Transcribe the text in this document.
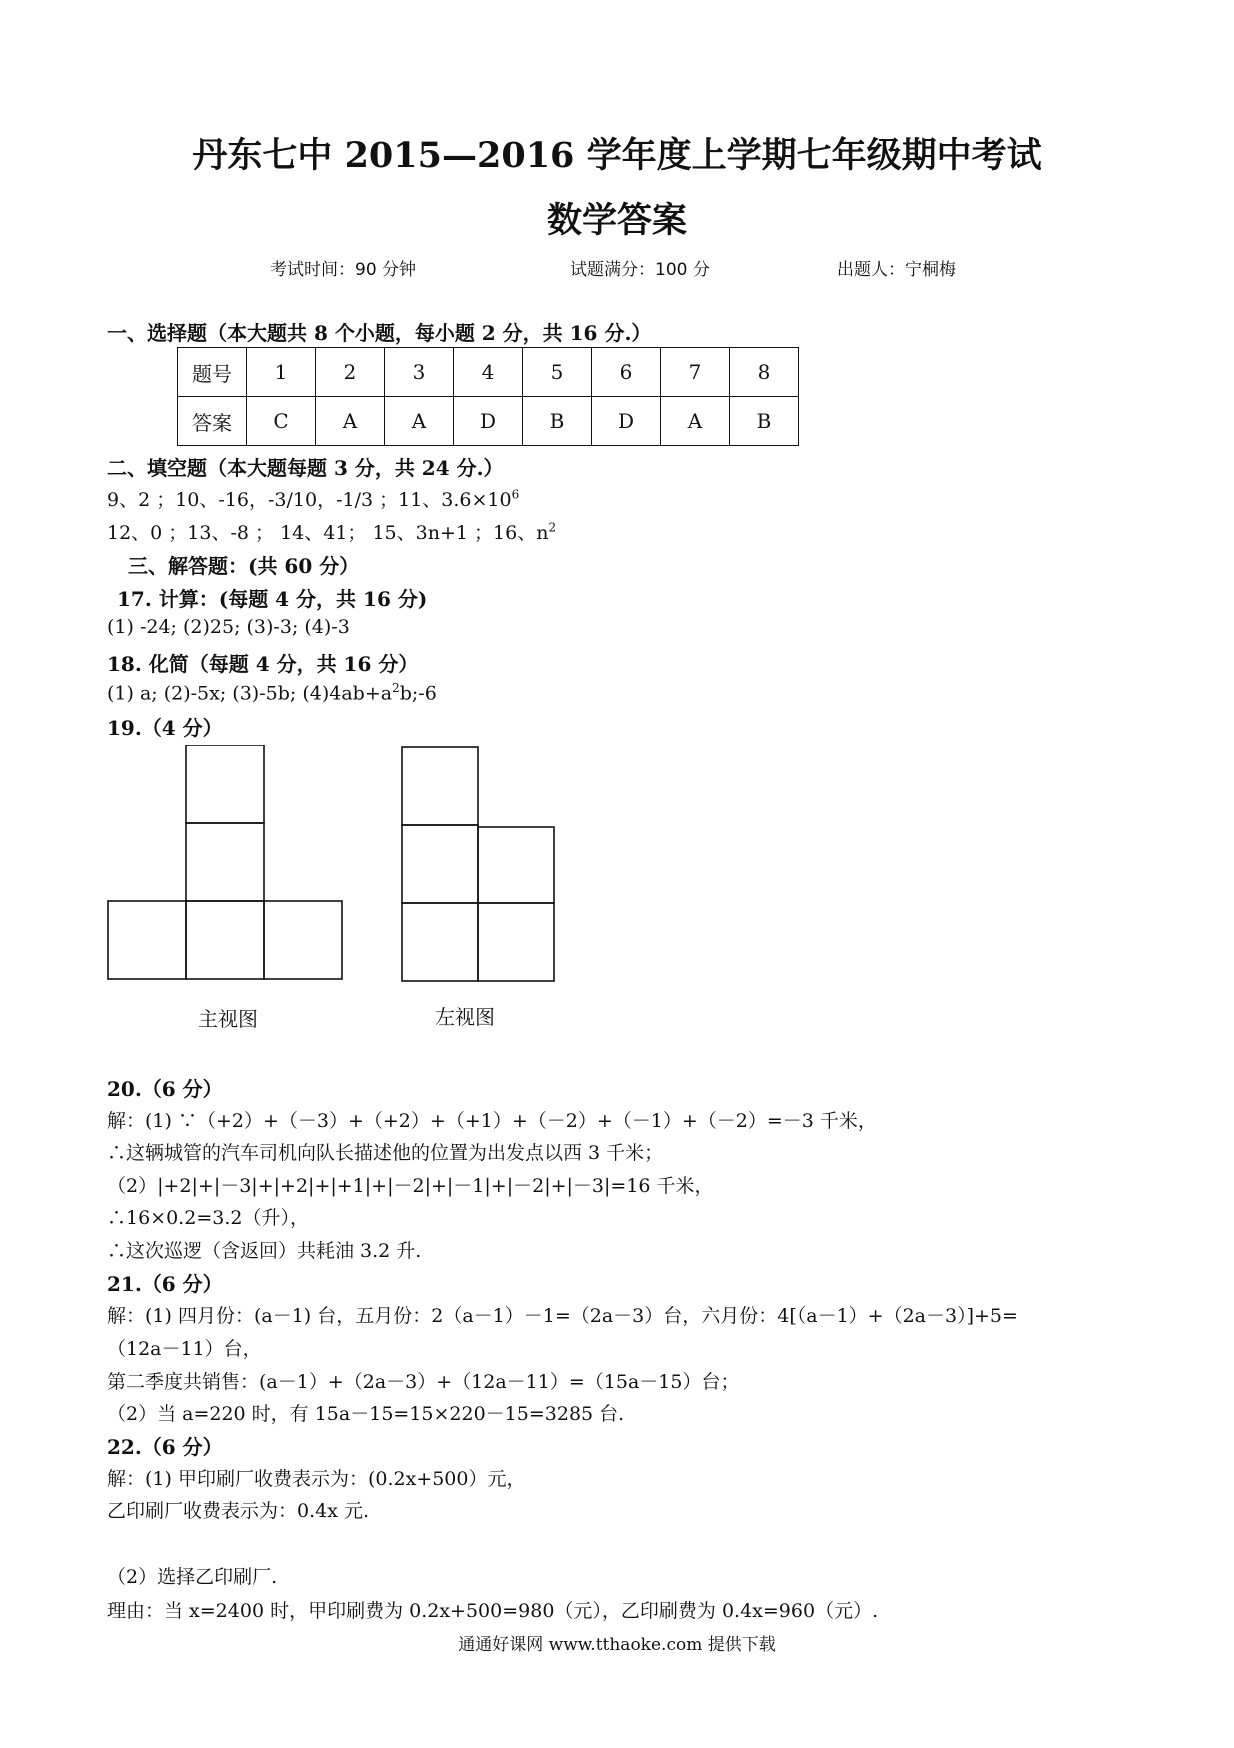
丹东七中 2015—2016 学年度上学期七年级期中考试
数学答案
考试时间：90 分钟	试题满分：100 分	出题人：宁桐梅
一、选择题（本大题共 8 个小题，每小题 2 分，共 16 分.）
题号	1	2	3	4	5	6	7	8
答案	C	A	A	D	B	D	A	B
二、填空题（本大题每题 3 分，共 24 分.）
9、2 ；10、-16，-3/10，-1/3 ；11、$3.6\times 10^6$
12、0 ；13、-8 ； 14、41； 15、3n+1 ；16、$n^2$
三、解答题：(共 60 分）
17. 计算：(每题 4 分，共 16 分)
(1) -24; (2)25; (3)-3; (4)-3
18. 化简（每题 4 分，共 16 分）
(1) a; (2)-5x; (3)-5b; $(4)4ab+a^2b;-6$
19.（4 分）
主视图	左视图
20.（6 分）
解：(1) ∵（+2）+（－3）+（+2）+（+1）+（－2）+（－1）+（－2）=－3 千米，
∴这辆城管的汽车司机向队长描述他的位置为出发点以西 3 千米；
（2）|+2|+|－3|+|+2|+|+1|+|－2|+|－1|+|－2|+|－3|=16 千米，
∴16×0.2=3.2（升），
∴这次巡逻（含返回）共耗油 3.2 升.
21.（6 分）
解：(1) 四月份：(a－1) 台，五月份：2（a－1）－1=（2a－3）台，六月份：4[（a－1）+（2a－3）]+5=
（12a－11）台，
第二季度共销售：(a－1）+（2a－3）+（12a－11）=（15a－15）台；
（2）当 a=220 时，有 15a－15=15×220－15=3285 台.
22.（6 分）
解：(1) 甲印刷厂收费表示为：(0.2x+500）元，
乙印刷厂收费表示为：0.4x 元.
（2）选择乙印刷厂.
理由：当 x=2400 时，甲印刷费为 0.2x+500=980（元），乙印刷费为 0.4x=960（元）.
通通好课网 www.tthaoke.com 提供下载
